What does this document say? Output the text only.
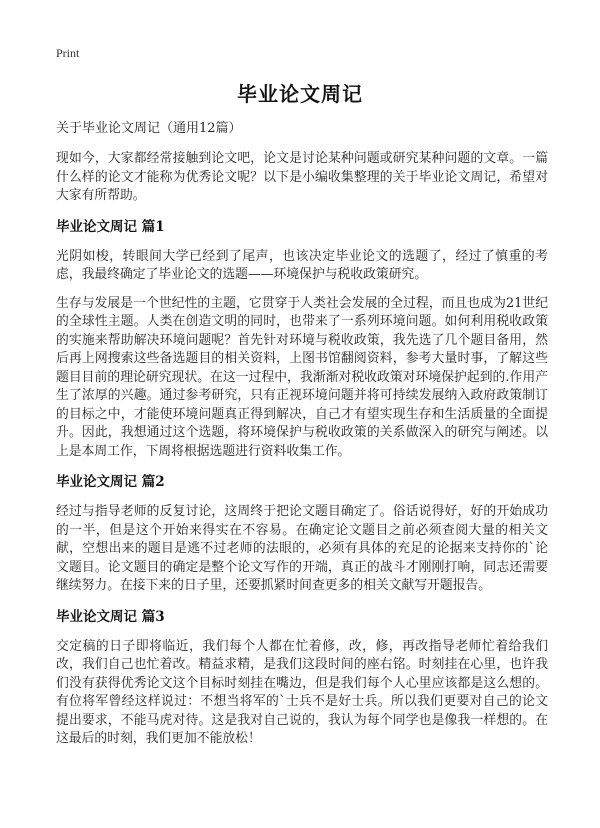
Print
毕业论文周记
关于毕业论文周记（通用12篇）

现如今，大家都经常接触到论文吧，论文是讨论某种问题或研究某种问题的文章。一篇什么样的论文才能称为优秀论文呢？以下是小编收集整理的关于毕业论文周记，希望对大家有所帮助。

毕业论文周记 篇1

光阴如梭，转眼间大学已经到了尾声，也该决定毕业论文的选题了，经过了慎重的考虑，我最终确定了毕业论文的选题——环境保护与税收政策研究。

生存与发展是一个世纪性的主题，它贯穿于人类社会发展的全过程，而且也成为21世纪的全球性主题。人类在创造文明的同时，也带来了一系列环境问题。如何利用税收政策的实施来帮助解决环境问题呢？首先针对环境与税收政策，我先选了几个题目备用，然后再上网搜索这些备选题目的相关资料，上图书馆翻阅资料，参考大量时事，了解这些题目目前的理论研究现状。在这一过程中，我渐渐对税收政策对环境保护起到的.作用产生了浓厚的兴趣。通过参考研究，只有正视环境问题并将可持续发展纳入政府政策制订的目标之中，才能使环境问题真正得到解决，自己才有望实现生存和生活质量的全面提升。因此，我想通过这个选题，将环境保护与税收政策的关系做深入的研究与阐述。以上是本周工作，下周将根据选题进行资料收集工作。

毕业论文周记 篇2

经过与指导老师的反复讨论，这周终于把论文题目确定了。俗话说得好，好的开始成功的一半，但是这个开始来得实在不容易。在确定论文题目之前必须查阅大量的相关文献，空想出来的题目是逃不过老师的法眼的，必须有具体的充足的论据来支持你的`论文题目。论文题目的确定是整个论文写作的开端，真正的战斗才刚刚打响，同志还需要继续努力。在接下来的日子里，还要抓紧时间查更多的相关文献写开题报告。

毕业论文周记 篇3

交定稿的日子即将临近，我们每个人都在忙着修，改，修，再改指导老师忙着给我们改，我们自己也忙着改。精益求精，是我们这段时间的座右铭。时刻挂在心里，也许我们没有获得优秀论文这个目标时刻挂在嘴边，但是我们每个人心里应该都是这么想的。有位将军曾经这样说过：不想当将军的`士兵不是好士兵。所以我们更要对自己的论文提出要求，不能马虎对待。这是我对自己说的，我认为每个同学也是像我一样想的。在这最后的时刻，我们更加不能放松！
